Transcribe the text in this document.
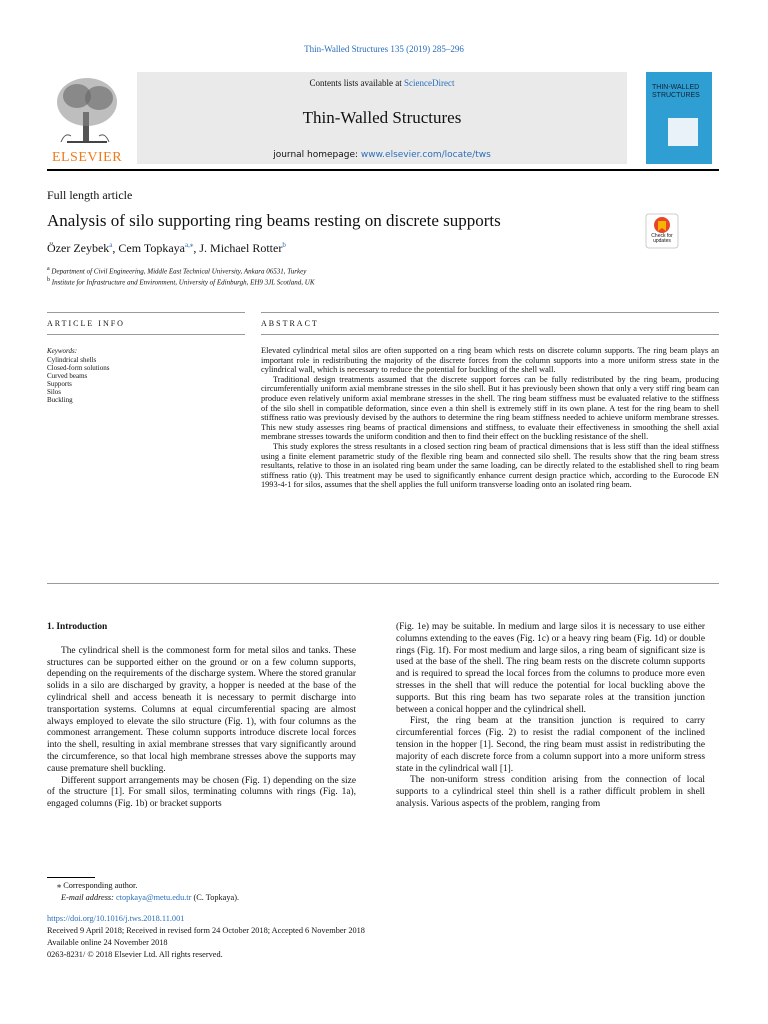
Thin-Walled Structures 135 (2019) 285–296
ELSEVIER
Contents lists available at ScienceDirect
Thin-Walled Structures
journal homepage: www.elsevier.com/locate/tws
THIN-WALLED STRUCTURES
Full length article
Analysis of silo supporting ring beams resting on discrete supports
Özer Zeybek$^a$, Cem Topkaya$^{a,⁎}$, J. Michael Rotter$^b$
$^a$ Department of Civil Engineering, Middle East Technical University, Ankara 06531, Turkey
$^b$ Institute for Infrastructure and Environment, University of Edinburgh, EH9 3JL Scotland, UK
Check for updates
ARTICLE INFO	ABSTRACT
Keywords:
Cylindrical shells
Closed-form solutions
Curved beams
Supports
Silos
Buckling

Elevated cylindrical metal silos are often supported on a ring beam which rests on discrete column supports. The ring beam plays an important role in redistributing the majority of the discrete forces from the column supports into a more uniform stress state in the cylindrical wall, which is necessary to reduce the potential for buckling of the shell wall.

Traditional design treatments assumed that the discrete support forces can be fully redistributed by the ring beam, producing circumferentially uniform axial membrane stresses in the silo shell. But it has previously been shown that only a very stiff ring beam can produce even relatively uniform axial membrane stresses in the shell. The ring beam stiffness must be evaluated relative to the stiffness of the silo shell in compatible deformation, since even a thin shell is extremely stiff in its own plane. A test for the ring beam to shell stiffness ratio was previously devised by the authors to determine the ring beam stiffness needed to achieve uniform membrane stresses. This new study assesses ring beams of practical dimensions and stiffness, to evaluate their effectiveness in smoothing the shell axial membrane stresses towards the uniform condition and then to find their effect on the buckling resistance of the shell.

This study explores the stress resultants in a closed section ring beam of practical dimensions that is less stiff than the ideal stiffness using a finite element parametric study of the flexible ring beam and connected silo shell. The results show that the ring beam stress resultants, relative to those in an isolated ring beam under the same loading, can be directly related to the established shell to ring beam stiffness ratio (ψ). This treatment may be used to significantly enhance current design practice which, according to the Eurocode EN 1993-4-1 for silos, assumes that the shell applies the full uniform transverse loading onto an isolated ring beam.

1. Introduction

The cylindrical shell is the commonest form for metal silos and tanks. These structures can be supported either on the ground or on a few column supports, depending on the requirements of the discharge system. Where the stored granular solids in a silo are discharged by gravity, a hopper is needed at the base of the cylindrical shell and access beneath it is necessary to permit discharge into transportation systems. Columns at equal circumferential spacing are almost always employed to elevate the silo structure (Fig. 1), with four columns as the commonest arrangement. These column supports introduce discrete local forces into the shell, resulting in axial membrane stresses that vary significantly around the circumference, so that local high membrane stresses above the supports may cause premature shell buckling.

Different support arrangements may be chosen (Fig. 1) depending on the size of the structure [1]. For small silos, terminating columns with rings (Fig. 1a), engaged columns (Fig. 1b) or bracket supports

(Fig. 1e) may be suitable. In medium and large silos it is necessary to use either columns extending to the eaves (Fig. 1c) or a heavy ring beam (Fig. 1d) or double rings (Fig. 1f). For most medium and large silos, a ring beam of significant size is used at the base of the shell. The ring beam rests on the discrete column supports and is required to spread the local forces from the columns to produce more even stresses in the shell that will reduce the potential for local buckling above the supports. But this ring beam has two separate roles at the transition junction between a conical hopper and the cylindrical shell.

First, the ring beam at the transition junction is required to carry circumferential forces (Fig. 2) to resist the radial component of the inclined tension in the hopper [1]. Second, the ring beam must assist in redistributing the majority of each discrete force from a column support into a more uniform stress state in the cylindrical wall [1].

The non-uniform stress condition arising from the connection of local supports to a cylindrical steel thin shell is a rather difficult problem in shell analysis. Various aspects of the problem, ranging from

⁎ Corresponding author.
E-mail address: ctopkaya@metu.edu.tr (C. Topkaya).
https://doi.org/10.1016/j.tws.2018.11.001
Received 9 April 2018; Received in revised form 24 October 2018; Accepted 6 November 2018
Available online 24 November 2018
0263-8231/ © 2018 Elsevier Ltd. All rights reserved.
